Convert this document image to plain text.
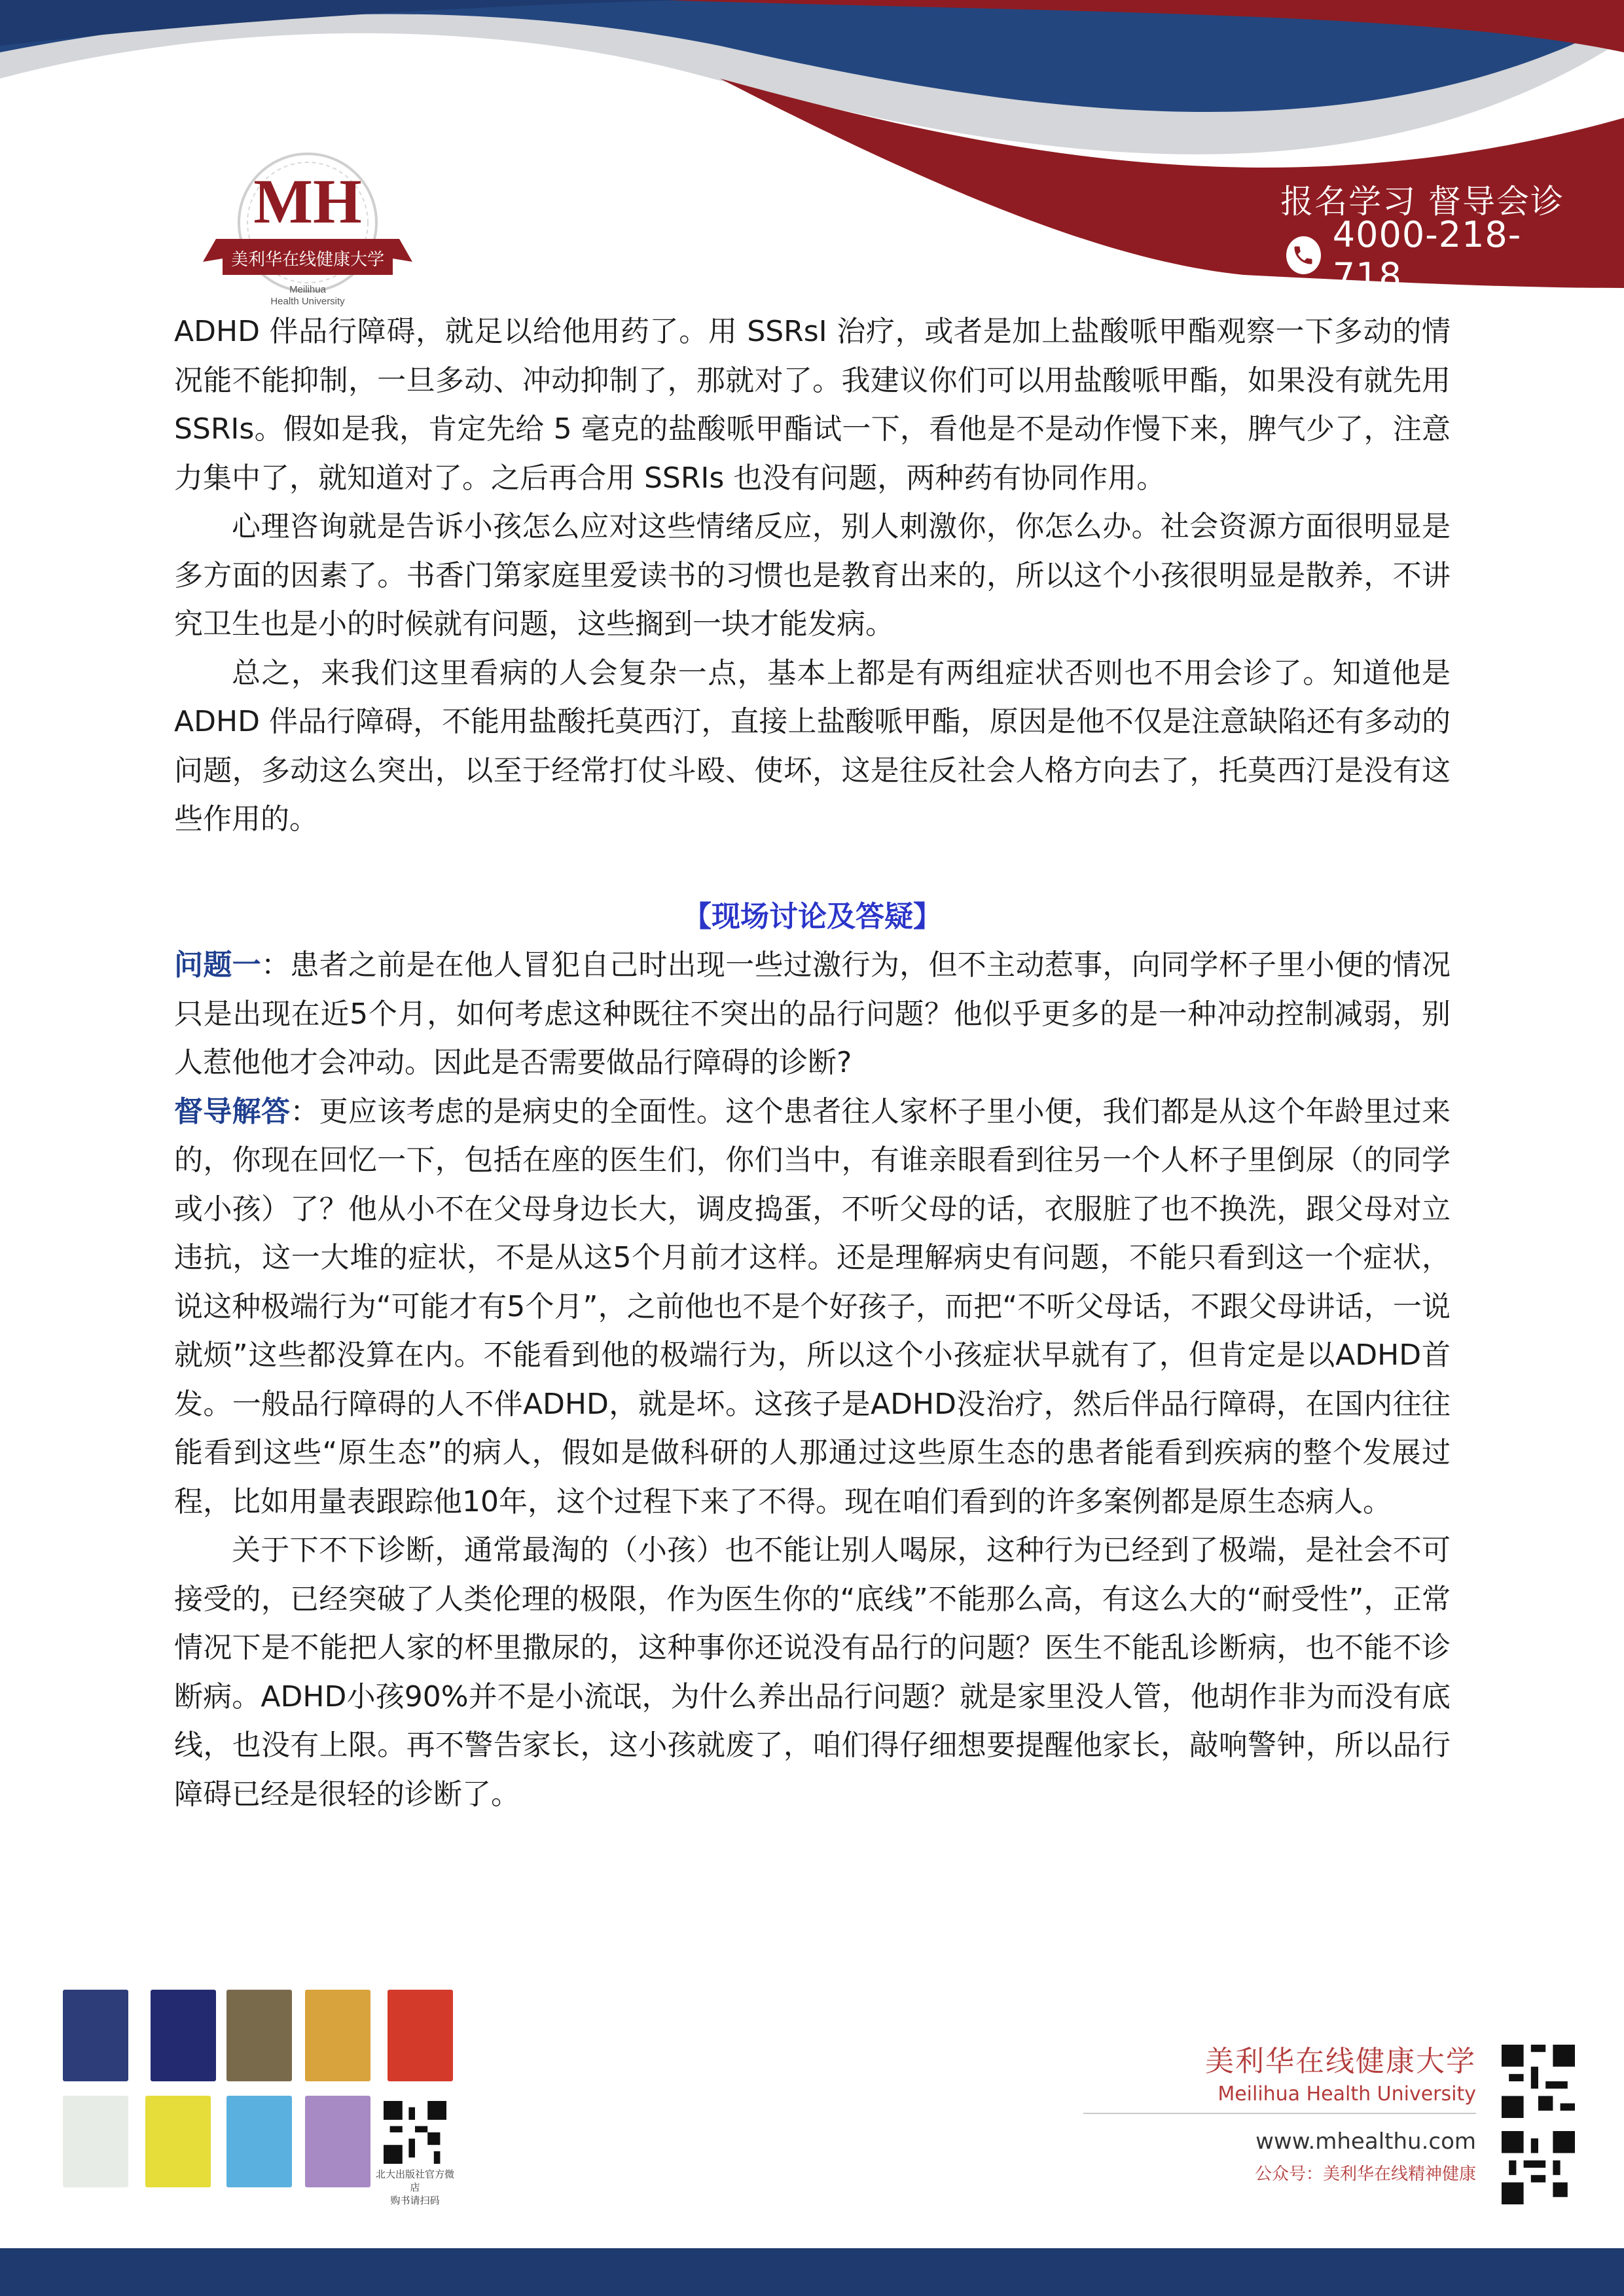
MH
美利华在线健康大学
Meilihua
Health University
报名学习 督导会诊
4000-218-718

ADHD 伴品行障碍，就足以给他用药了。用 SSRsI 治疗，或者是加上盐酸哌甲酯观察一下多动的情况能不能抑制，一旦多动、冲动抑制了，那就对了。我建议你们可以用盐酸哌甲酯，如果没有就先用 SSRIs。假如是我，肯定先给 5 毫克的盐酸哌甲酯试一下，看他是不是动作慢下来，脾气少了，注意力集中了，就知道对了。之后再合用 SSRIs 也没有问题，两种药有协同作用。

心理咨询就是告诉小孩怎么应对这些情绪反应，别人刺激你，你怎么办。社会资源方面很明显是多方面的因素了。书香门第家庭里爱读书的习惯也是教育出来的，所以这个小孩很明显是散养，不讲究卫生也是小的时候就有问题，这些搁到一块才能发病。

总之，来我们这里看病的人会复杂一点，基本上都是有两组症状否则也不用会诊了。知道他是 ADHD 伴品行障碍，不能用盐酸托莫西汀，直接上盐酸哌甲酯，原因是他不仅是注意缺陷还有多动的问题，多动这么突出，以至于经常打仗斗殴、使坏，这是往反社会人格方向去了，托莫西汀是没有这些作用的。

【现场讨论及答疑】

问题一：患者之前是在他人冒犯自己时出现一些过激行为，但不主动惹事，向同学杯子里小便的情况只是出现在近5个月，如何考虑这种既往不突出的品行问题？他似乎更多的是一种冲动控制减弱，别人惹他他才会冲动。因此是否需要做品行障碍的诊断?

督导解答：更应该考虑的是病史的全面性。这个患者往人家杯子里小便，我们都是从这个年龄里过来的，你现在回忆一下，包括在座的医生们，你们当中，有谁亲眼看到往另一个人杯子里倒尿（的同学或小孩）了？他从小不在父母身边长大，调皮捣蛋，不听父母的话，衣服脏了也不换洗，跟父母对立违抗，这一大堆的症状，不是从这5个月前才这样。还是理解病史有问题，不能只看到这一个症状，说这种极端行为“可能才有5个月”，之前他也不是个好孩子，而把“不听父母话，不跟父母讲话，一说就烦”这些都没算在内。不能看到他的极端行为，所以这个小孩症状早就有了，但肯定是以ADHD首发。一般品行障碍的人不伴ADHD，就是坏。这孩子是ADHD没治疗，然后伴品行障碍，在国内往往能看到这些“原生态”的病人，假如是做科研的人那通过这些原生态的患者能看到疾病的整个发展过程，比如用量表跟踪他10年，这个过程下来了不得。现在咱们看到的许多案例都是原生态病人。

关于下不下诊断，通常最淘的（小孩）也不能让别人喝尿，这种行为已经到了极端，是社会不可接受的，已经突破了人类伦理的极限，作为医生你的“底线”不能那么高，有这么大的“耐受性”，正常情况下是不能把人家的杯里撒尿的，这种事你还说没有品行的问题？医生不能乱诊断病，也不能不诊断病。ADHD小孩90%并不是小流氓，为什么养出品行问题？就是家里没人管，他胡作非为而没有底线，也没有上限。再不警告家长，这小孩就废了，咱们得仔细想要提醒他家长，敲响警钟，所以品行障碍已经是很轻的诊断了。

北大出版社官方微店
购书请扫码
美利华在线健康大学
Meilihua Health University
www.mhealthu.com
公众号：美利华在线精神健康
